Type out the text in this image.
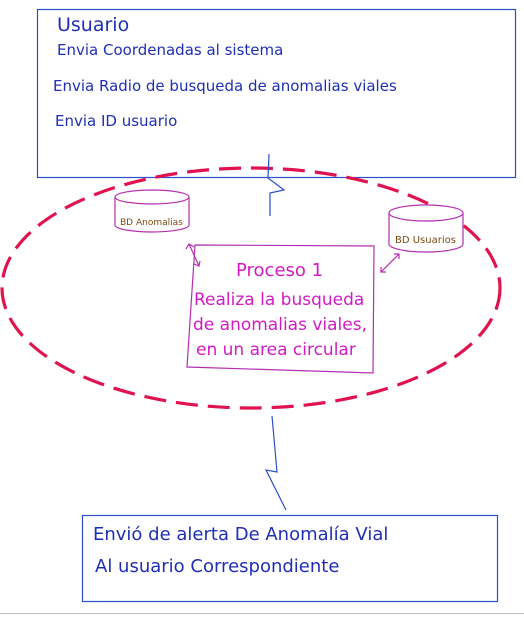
Usuario
Envia Coordenadas al sistema
Envia Radio de busqueda de anomalias viales
Envia ID usuario
BD Anomalias
BD Usuarios
Proceso 1
Realiza la busqueda
de anomalias viales,
en un area circular
Envió de alerta De Anomalía Vial
Al usuario Correspondiente
